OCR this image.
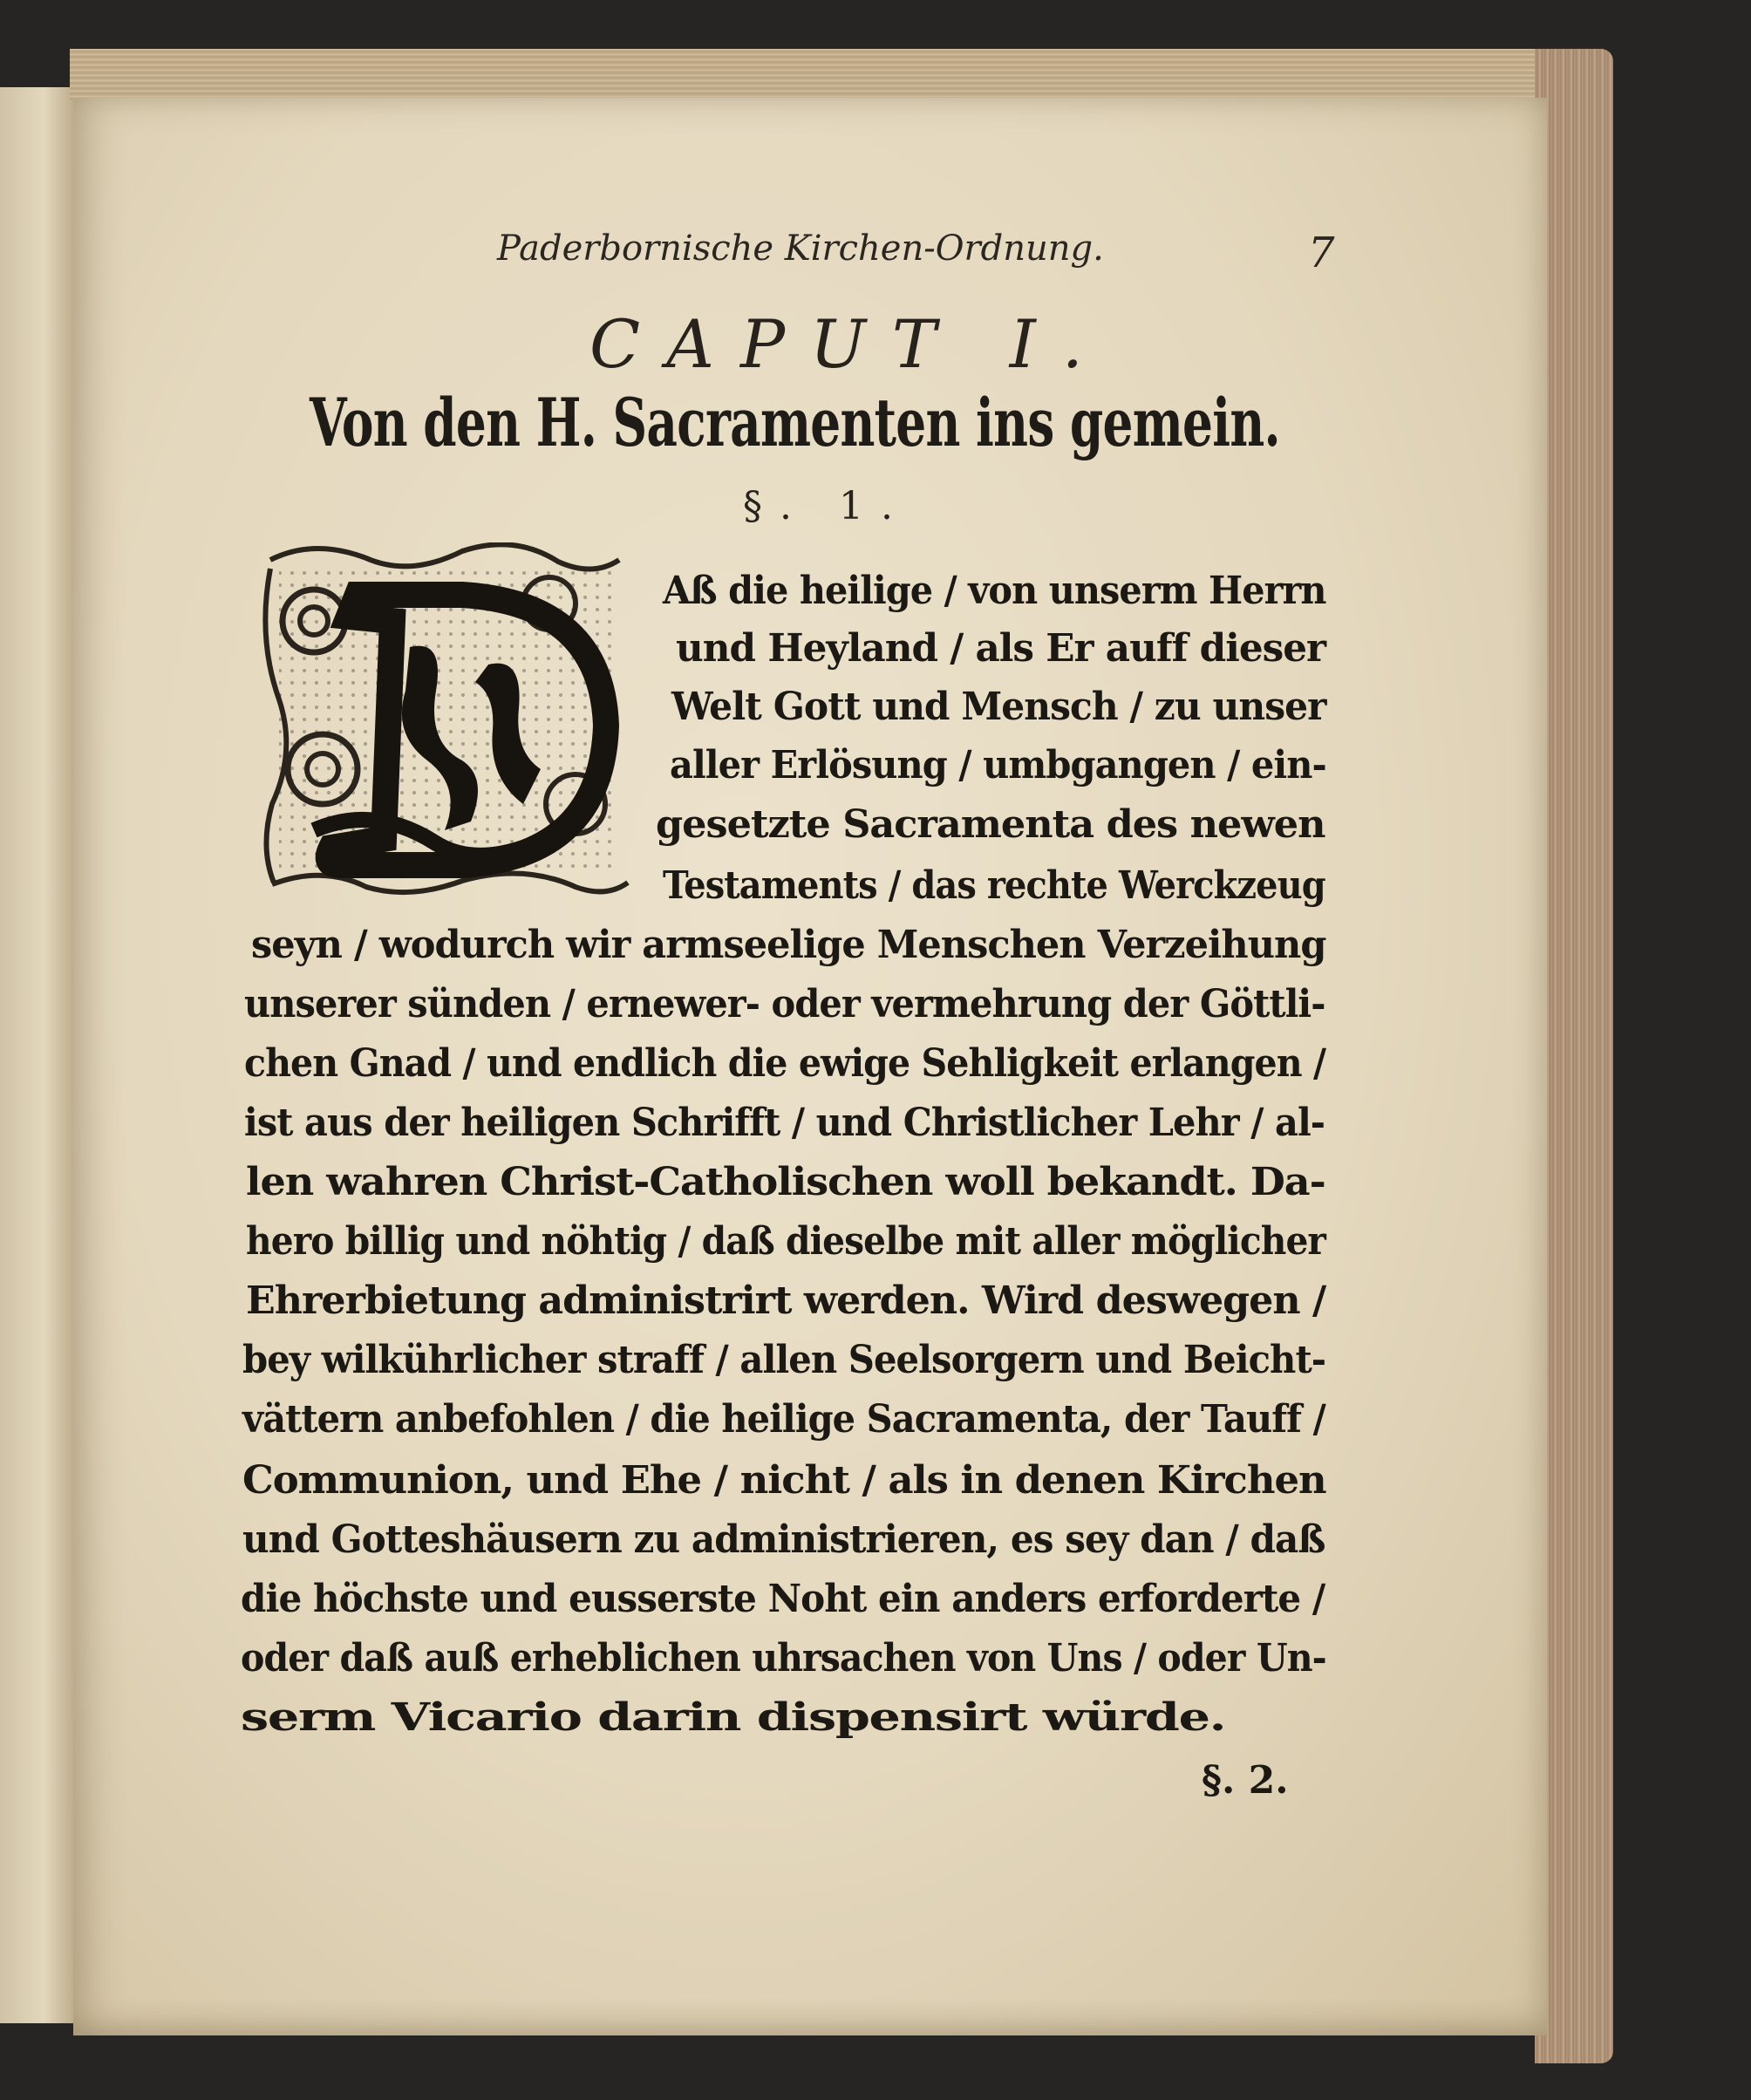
Paderbornische Kirchen-Ordnung.	7
CAPUT I.
Von den H. Sacramenten ins gemein.
§. 1.
Aß die heilige / von unserm Herrn
und Heyland / als Er auff dieser
Welt Gott und Mensch / zu unser
aller Erlösung / umbgangen / ein-
gesetzte Sacramenta des newen
Testaments / das rechte Werckzeug
seyn / wodurch wir armseelige Menschen Verzeihung
unserer sünden / ernewer- oder vermehrung der Göttli-
chen Gnad / und endlich die ewige Sehligkeit erlangen /
ist aus der heiligen Schrifft / und Christlicher Lehr / al-
len wahren Christ-Catholischen woll bekandt. Da-
hero billig und nöhtig / daß dieselbe mit aller möglicher
Ehrerbietung administrirt werden. Wird deswegen /
bey wilkührlicher straff / allen Seelsorgern und Beicht-
vättern anbefohlen / die heilige Sacramenta, der Tauff /
Communion, und Ehe / nicht / als in denen Kirchen
und Gotteshäusern zu administrieren, es sey dan / daß
die höchste und eusserste Noht ein anders erforderte /
oder daß auß erheblichen uhrsachen von Uns / oder Un-
serm Vicario darin dispensirt würde.
§. 2.
